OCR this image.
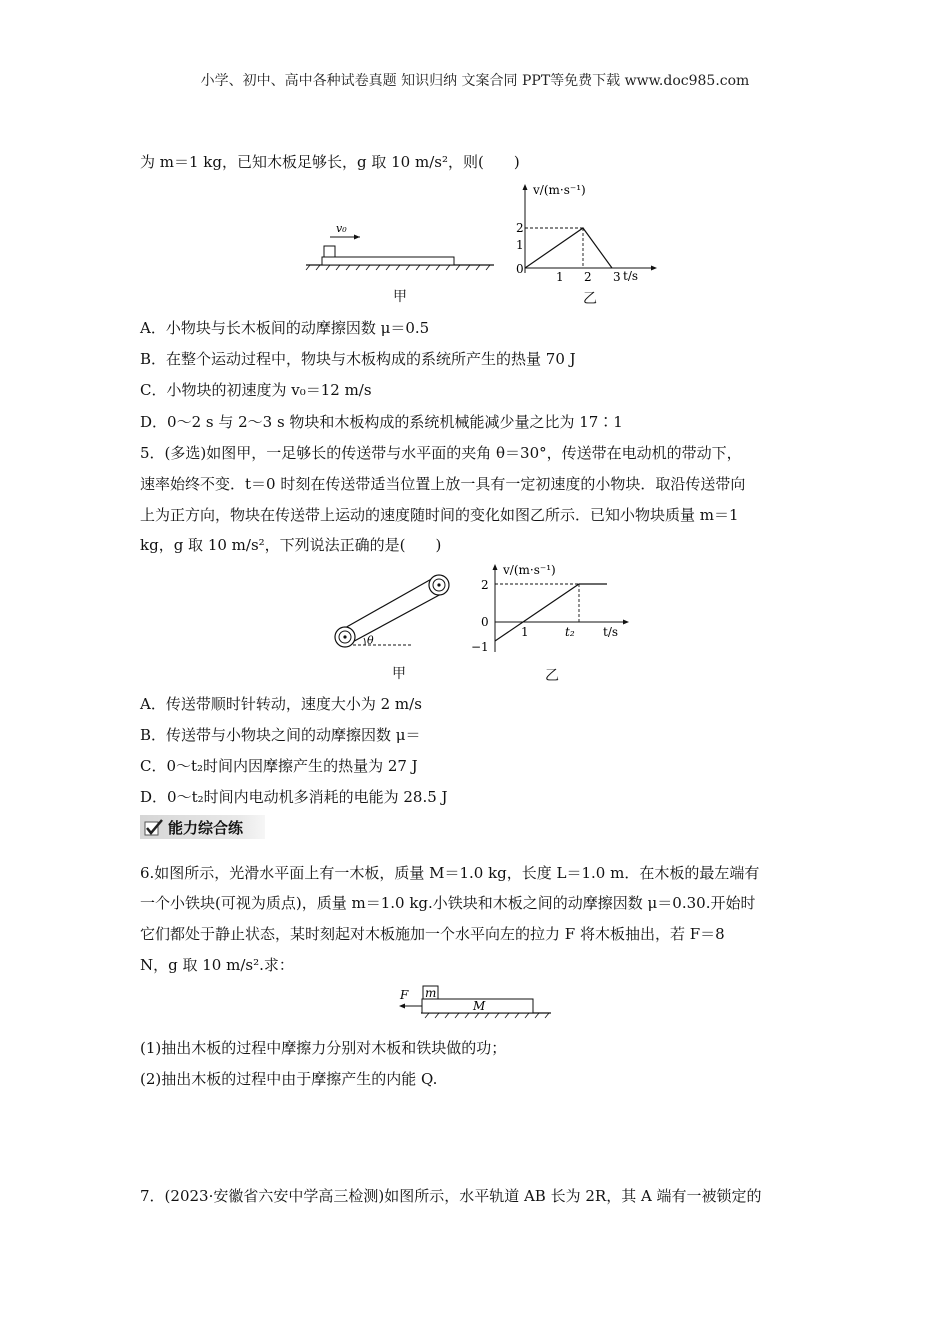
小学、初中、高中各种试卷真题 知识归纳 文案合同 PPT等免费下载 www.doc985.com
为 m＝1 kg，已知木板足够长，g 取 10 m/s²，则(　　)
v₀
甲
v/(m·s⁻¹)
t/s
2
1
0
1 2 3
乙
A．小物块与长木板间的动摩擦因数 μ＝0.5
B．在整个运动过程中，物块与木板构成的系统所产生的热量 70 J
C．小物块的初速度为 v₀＝12 m/s
D．0～2 s 与 2～3 s 物块和木板构成的系统机械能减少量之比为 17∶1
5．(多选)如图甲，一足够长的传送带与水平面的夹角 θ＝30°，传送带在电动机的带动下，
速率始终不变．t＝0 时刻在传送带适当位置上放一具有一定初速度的小物块．取沿传送带向
上为正方向，物块在传送带上运动的速度随时间的变化如图乙所示．已知小物块质量 m＝1
kg，g 取 10 m/s²，下列说法正确的是(　　)
θ
甲
v/(m·s⁻¹)
t/s
2
0
−1
1	t₂
乙
A．传送带顺时针转动，速度大小为 2 m/s
B．传送带与小物块之间的动摩擦因数 μ＝
C．0～t₂时间内因摩擦产生的热量为 27 J
D．0～t₂时间内电动机多消耗的电能为 28.5 J
能力综合练
6.如图所示，光滑水平面上有一木板，质量 M＝1.0 kg，长度 L＝1.0 m．在木板的最左端有
一个小铁块(可视为质点)，质量 m＝1.0 kg.小铁块和木板之间的动摩擦因数 μ＝0.30.开始时
它们都处于静止状态，某时刻起对木板施加一个水平向左的拉力 F 将木板抽出，若 F＝8
N，g 取 10 m/s².求：
F m
M
(1)抽出木板的过程中摩擦力分别对木板和铁块做的功；
(2)抽出木板的过程中由于摩擦产生的内能 Q.
7．(2023·安徽省六安中学高三检测)如图所示，水平轨道 AB 长为 2R，其 A 端有一被锁定的
